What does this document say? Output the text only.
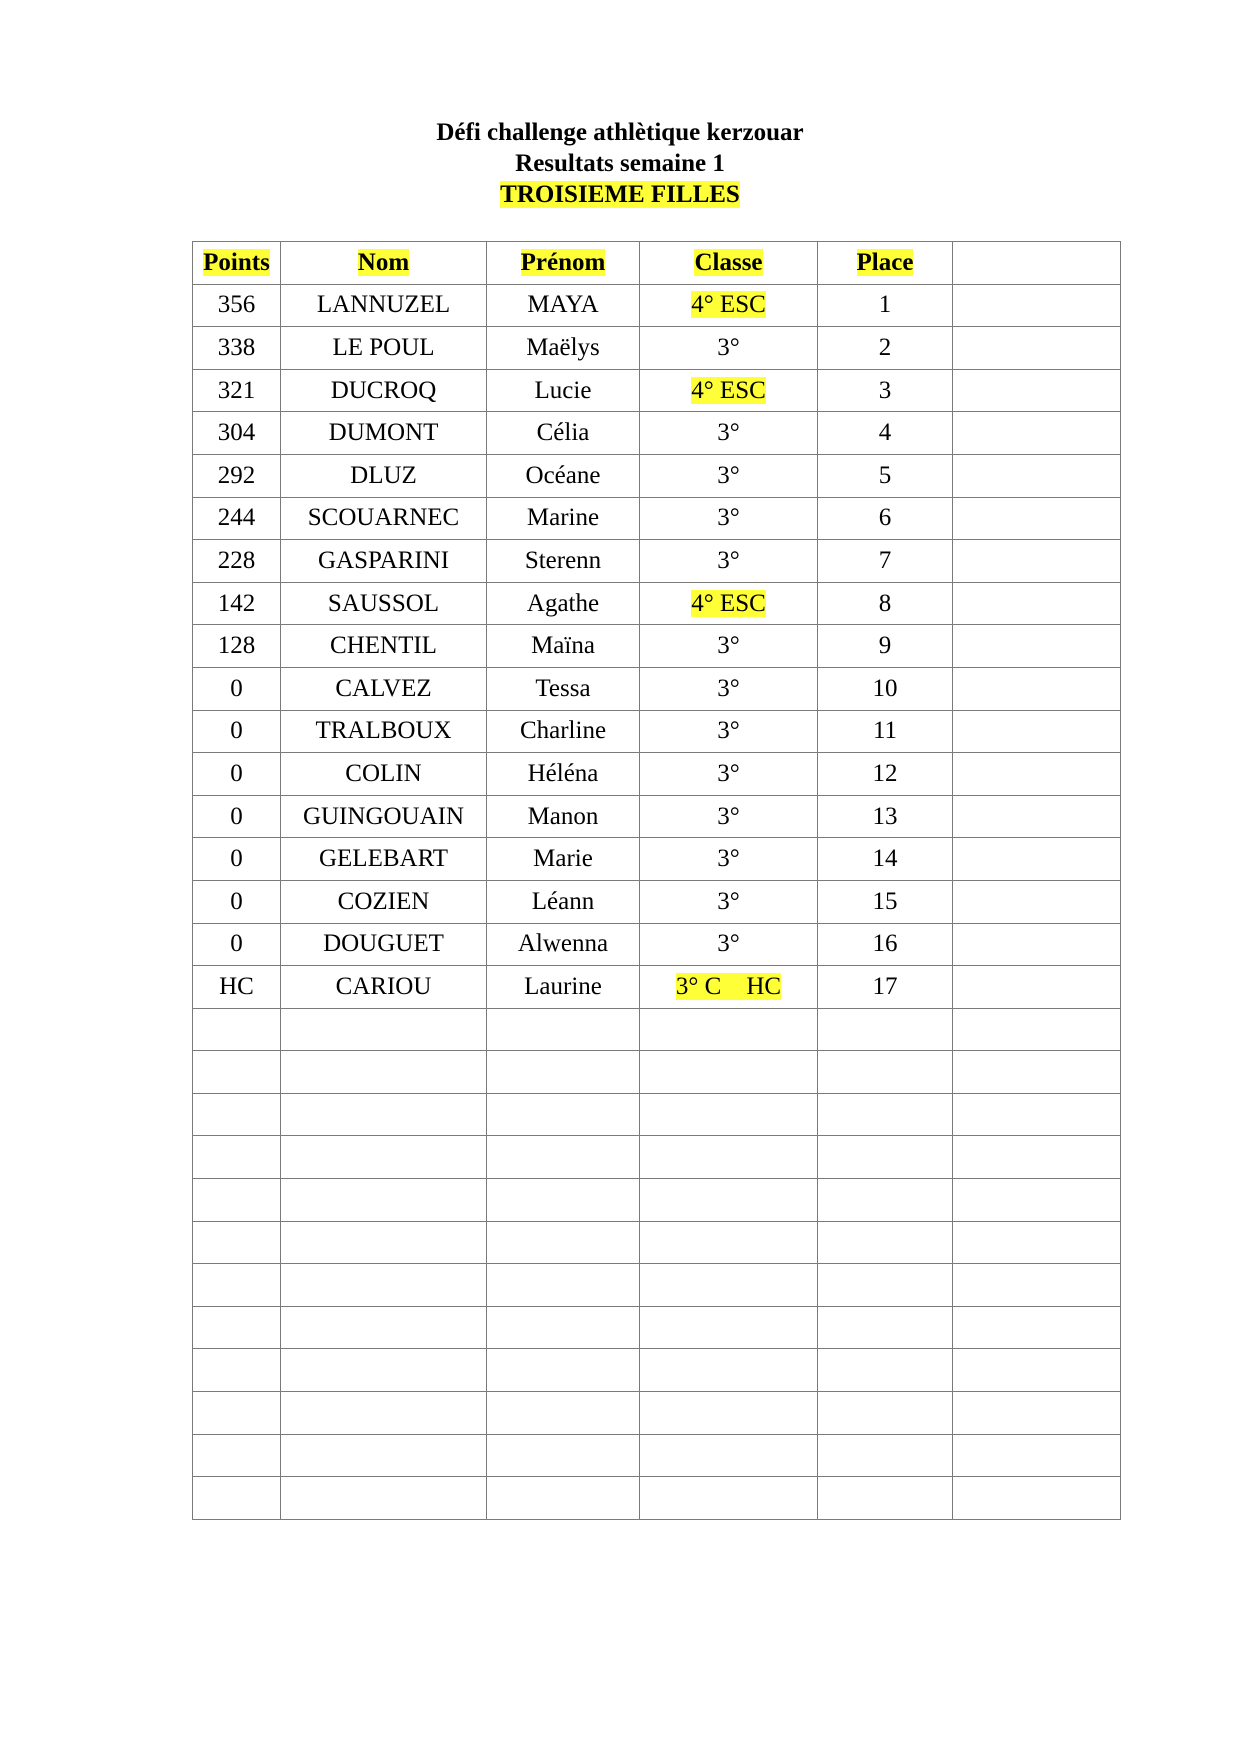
Défi challenge athlètique kerzouar
Resultats semaine 1
TROISIEME FILLES
Points	Nom	Prénom	Classe	Place	
356	LANNUZEL	MAYA	4° ESC	1	
338	LE POUL	Maëlys	3°	2	
321	DUCROQ	Lucie	4° ESC	3	
304	DUMONT	Célia	3°	4	
292	DLUZ	Océane	3°	5	
244	SCOUARNEC	Marine	3°	6	
228	GASPARINI	Sterenn	3°	7	
142	SAUSSOL	Agathe	4° ESC	8	
128	CHENTIL	Maïna	3°	9	
0	CALVEZ	Tessa	3°	10	
0	TRALBOUX	Charline	3°	11	
0	COLIN	Héléna	3°	12	
0	GUINGOUAIN	Manon	3°	13	
0	GELEBART	Marie	3°	14	
0	COZIEN	Léann	3°	15	
0	DOUGUET	Alwenna	3°	16	
HC	CARIOU	Laurine	3° C    HC	17	
